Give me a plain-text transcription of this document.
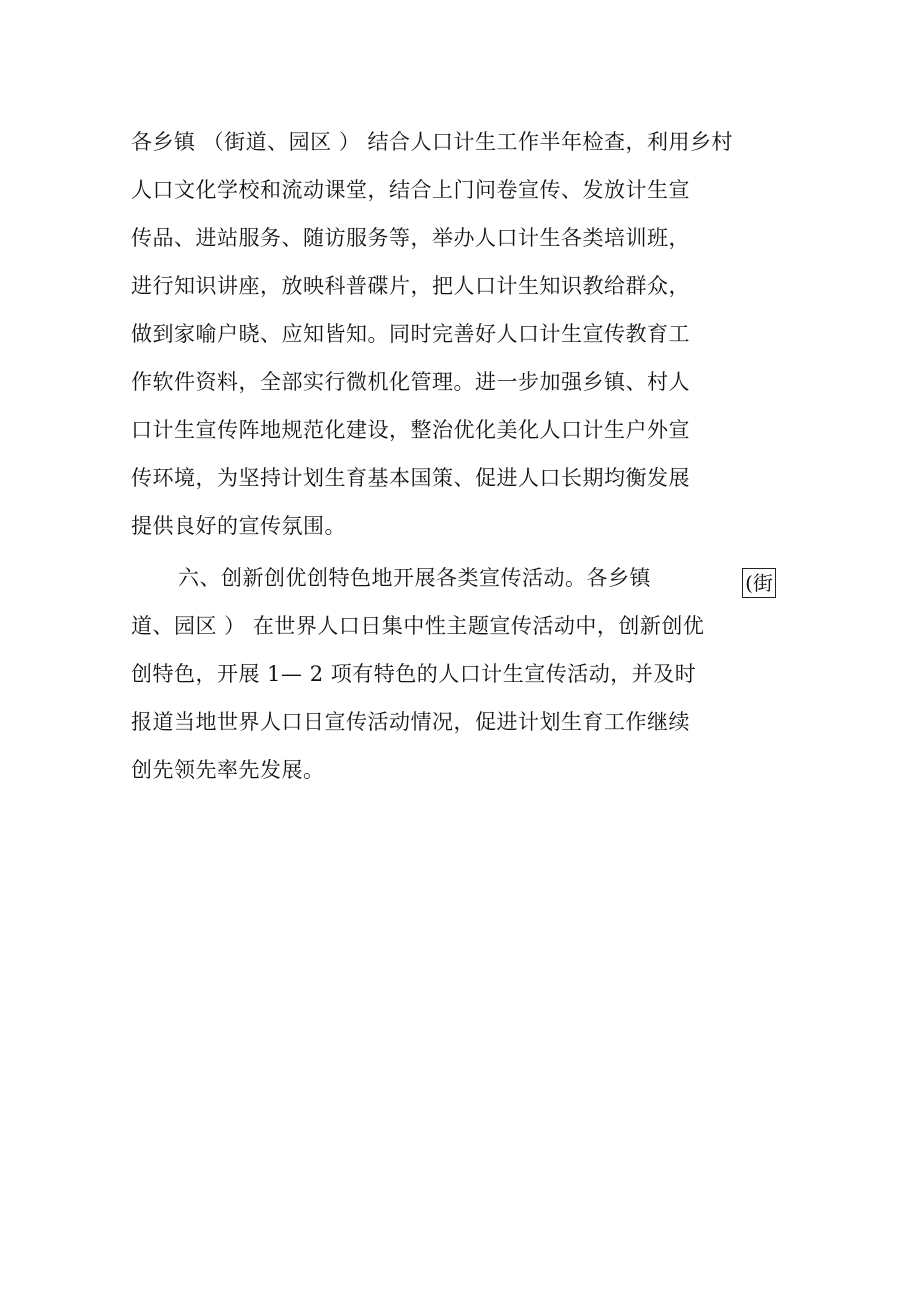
各乡镇 （街道、园区 ） 结合人口计生工作半年检查，利用乡村
人口文化学校和流动课堂，结合上门问卷宣传、发放计生宣
传品、进站服务、随访服务等，举办人口计生各类培训班，
进行知识讲座，放映科普碟片，把人口计生知识教给群众，
做到家喻户晓、应知皆知。同时完善好人口计生宣传教育工
作软件资料，全部实行微机化管理。进一步加强乡镇、村人
口计生宣传阵地规范化建设，整治优化美化人口计生户外宣
传环境，为坚持计划生育基本国策、促进人口长期均衡发展
提供良好的宣传氛围。
六、创新创优创特色地开展各类宣传活动。各乡镇	(街
道、园区 ） 在世界人口日集中性主题宣传活动中，创新创优
创特色，开展 1— 2 项有特色的人口计生宣传活动，并及时
报道当地世界人口日宣传活动情况，促进计划生育工作继续
创先领先率先发展。
